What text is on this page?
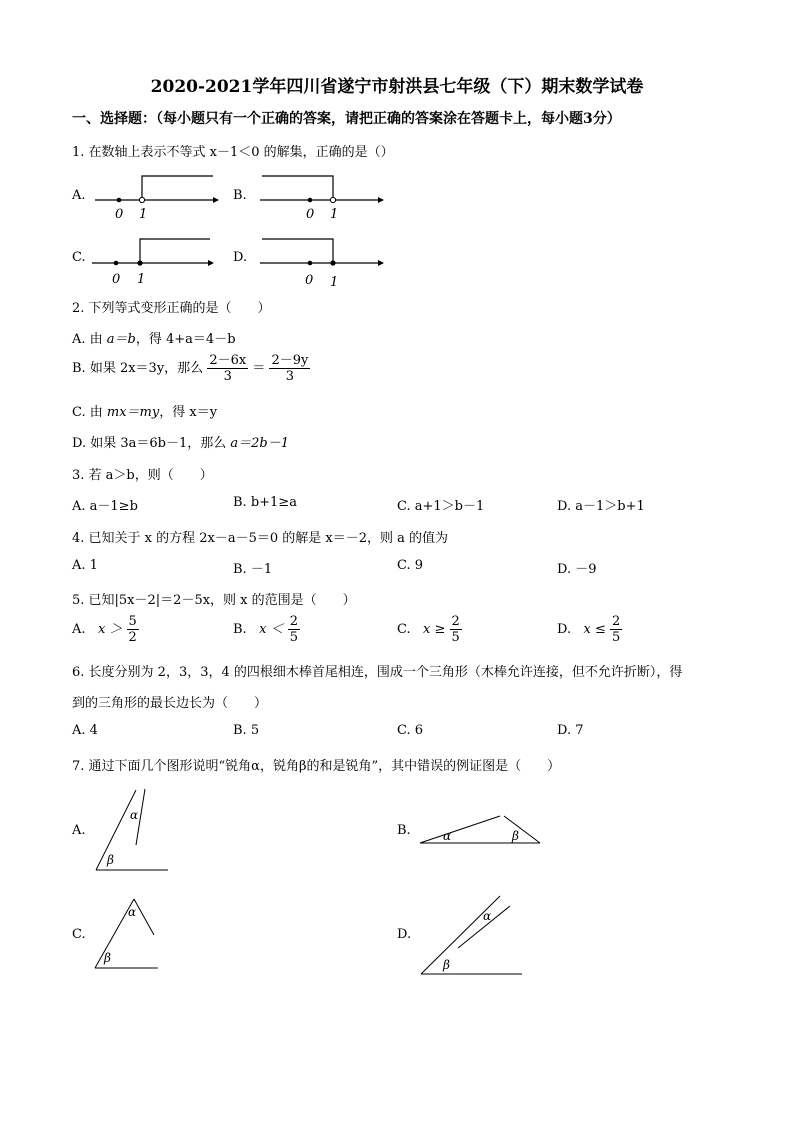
2020-2021学年四川省遂宁市射洪县七年级（下）期末数学试卷
一、选择题：（每小题只有一个正确的答案，请把正确的答案涂在答题卡上，每小题3分）
1. 在数轴上表示不等式 x－1＜0 的解集，正确的是（）
A.
0 1
B.
0 1
C.
0 1
D.
0 1
2. 下列等式变形正确的是（　　）
A. 由 a＝b，得 4+a＝4－b
B. 如果 2x＝3y，那么 $\frac{2-6x}{3} = \frac{2-9y}{3}$
C. 由 mx＝my，得 x＝y
D. 如果 3a＝6b－1，那么 a＝2b－1
3. 若 a＞b，则（　　）
A. a－1≥b	B. b+1≥a	C. a+1＞b－1	D. a－1＞b+1
4. 已知关于 x 的方程 2x－a－5＝0 的解是 x＝－2，则 a 的值为
A. 1	B. －1	C. 9	D. －9
5. 已知|5x－2|＝2－5x，则 x 的范围是（　　）
A. $x > \frac{5}{2}$	B. $x < \frac{2}{5}$	C. $x \ge \frac{2}{5}$	D. $x \le \frac{2}{5}$
6. 长度分别为 2，3，3，4 的四根细木棒首尾相连，围成一个三角形（木棒允许连接，但不允许折断），得
到的三角形的最长边长为（　　）
A. 4	B. 5	C. 6	D. 7
7. 通过下面几个图形说明“锐角α，锐角β的和是锐角”，其中错误的例证图是（　　）
A.
α
β
B.	α	β
C.
α
β
D.
α
β
